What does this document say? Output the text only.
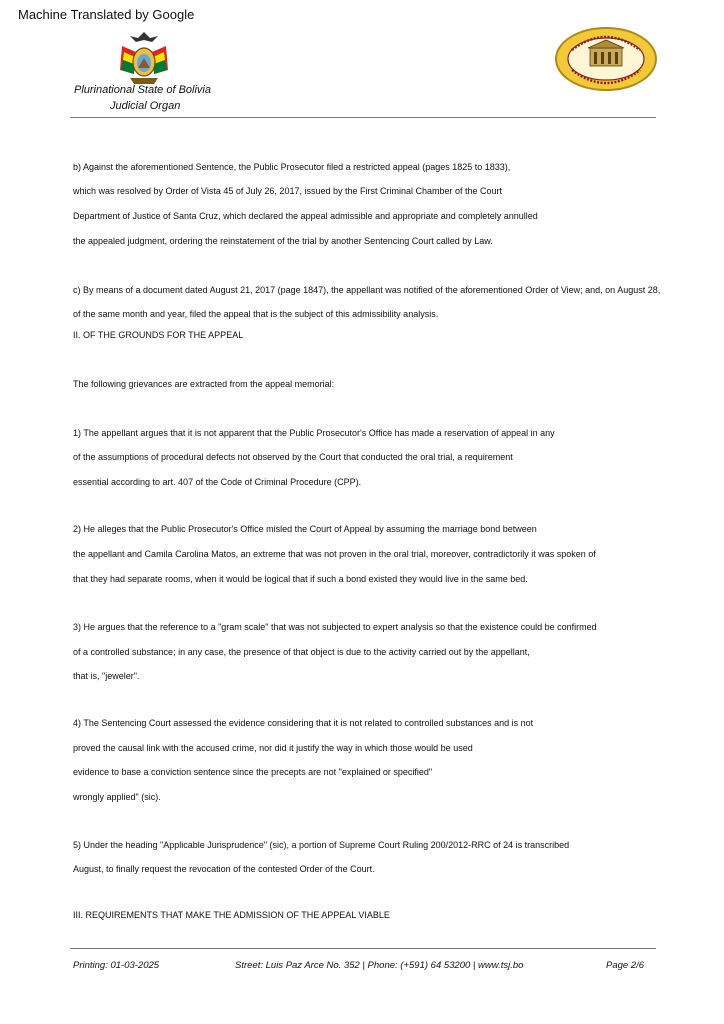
Machine Translated by Google
Plurinational State of Bolivia
Judicial Organ
b) Against the aforementioned Sentence, the Public Prosecutor filed a restricted appeal (pages 1825 to 1833),
which was resolved by Order of Vista 45 of July 26, 2017, issued by the First Criminal Chamber of the Court
Department of Justice of Santa Cruz, which declared the appeal admissible and appropriate and completely annulled
the appealed judgment, ordering the reinstatement of the trial by another Sentencing Court called by Law.
c) By means of a document dated August 21, 2017 (page 1847), the appellant was notified of the aforementioned Order of View; and, on August 28,
of the same month and year, filed the appeal that is the subject of this admissibility analysis.
II. OF THE GROUNDS FOR THE APPEAL
The following grievances are extracted from the appeal memorial:
1) The appellant argues that it is not apparent that the Public Prosecutor's Office has made a reservation of appeal in any
of the assumptions of procedural defects not observed by the Court that conducted the oral trial, a requirement
essential according to art. 407 of the Code of Criminal Procedure (CPP).
2) He alleges that the Public Prosecutor's Office misled the Court of Appeal by assuming the marriage bond between
the appellant and Camila Carolina Matos, an extreme that was not proven in the oral trial, moreover, contradictorily it was spoken of
that they had separate rooms, when it would be logical that if such a bond existed they would live in the same bed.
3) He argues that the reference to a "gram scale" that was not subjected to expert analysis so that the existence could be confirmed
of a controlled substance; in any case, the presence of that object is due to the activity carried out by the appellant,
that is, "jeweler".
4) The Sentencing Court assessed the evidence considering that it is not related to controlled substances and is not
proved the causal link with the accused crime, nor did it justify the way in which those would be used
evidence to base a conviction sentence since the precepts are not "explained or specified"
wrongly applied" (sic).
5) Under the heading "Applicable Jurisprudence" (sic), a portion of Supreme Court Ruling 200/2012-RRC of 24 is transcribed
August, to finally request the revocation of the contested Order of the Court.
III. REQUIREMENTS THAT MAKE THE ADMISSION OF THE APPEAL VIABLE
Printing: 01-03-2025	Street: Luis Paz Arce No. 352 | Phone: (+591) 64 53200 | www.tsj.bo	Page 2/6
